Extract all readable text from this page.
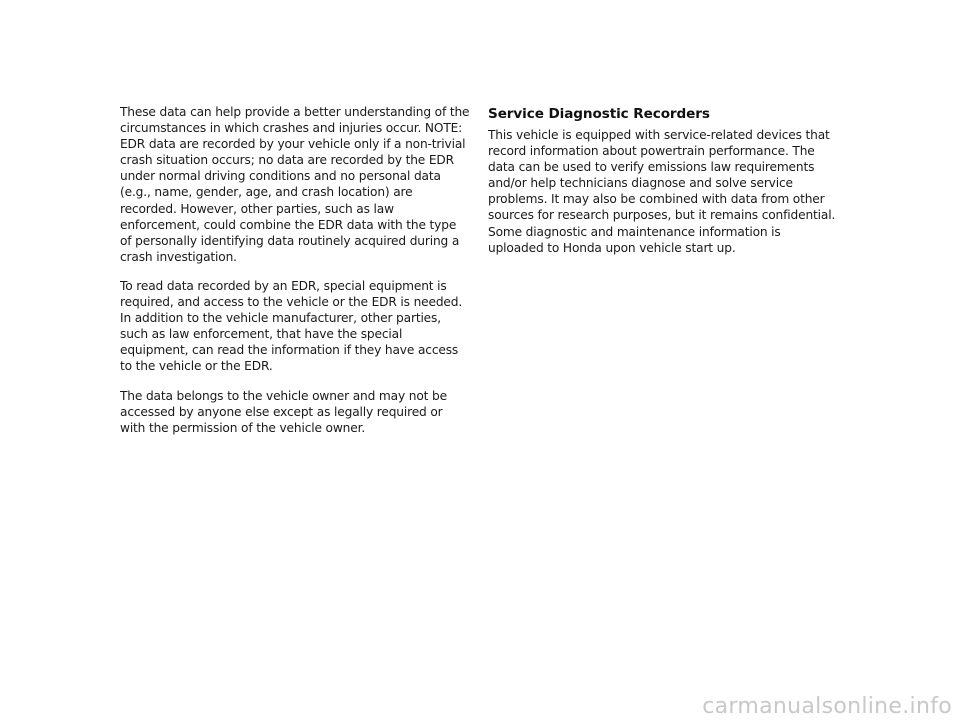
These data can help provide a better understanding of the circumstances in which crashes and injuries occur. NOTE: EDR data are recorded by your vehicle only if a non-trivial crash situation occurs; no data are recorded by the EDR under normal driving conditions and no personal data (e.g., name, gender, age, and crash location) are recorded. However, other parties, such as law enforcement, could combine the EDR data with the type of personally identifying data routinely acquired during a crash investigation.

To read data recorded by an EDR, special equipment is required, and access to the vehicle or the EDR is needed. In addition to the vehicle manufacturer, other parties, such as law enforcement, that have the special equipment, can read the information if they have access to the vehicle or the EDR.

The data belongs to the vehicle owner and may not be accessed by anyone else except as legally required or with the permission of the vehicle owner.

Service Diagnostic Recorders

This vehicle is equipped with service-related devices that record information about powertrain performance. The data can be used to verify emissions law requirements and/or help technicians diagnose and solve service problems. It may also be combined with data from other sources for research purposes, but it remains confidential. Some diagnostic and maintenance information is uploaded to Honda upon vehicle start up.

carmanualsonline.info
